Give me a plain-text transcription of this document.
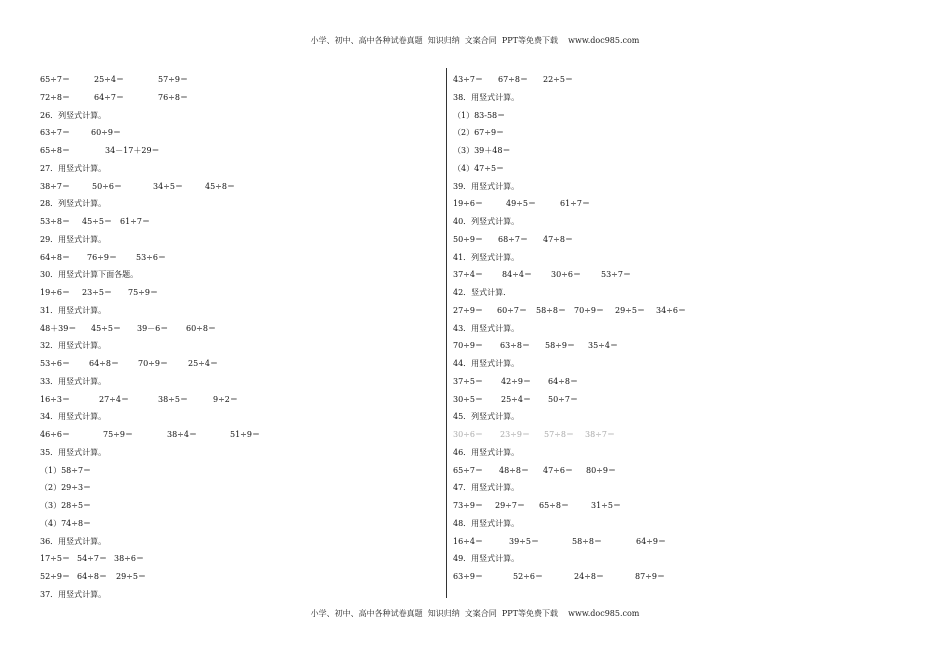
小学、初中、高中各种试卷真题  知识归纳  文案合同  PPT等免费下载    www.doc985.com
65÷7＝	25÷4＝	57÷9＝
72÷8＝	64÷7＝	76÷8＝
26．列竖式计算。
63÷7＝	60÷9＝
65÷8＝	34－17＋29＝
27．用竖式计算。
38÷7＝	50÷6＝	34÷5＝	45÷8＝
28．列竖式计算。
53÷8＝ 45÷5＝ 61÷7＝
29．用竖式计算。
64÷8＝ 76÷9＝ 53÷6＝
30．用竖式计算下面各题。
19÷6＝ 23÷5＝ 75÷9＝
31．用竖式计算。
48＋39＝ 45÷5＝ 39－6＝ 60÷8＝
32．用竖式计算。
53÷6＝ 64÷8＝ 70÷9＝	25÷4＝
33．用竖式计算。
16÷3＝	27÷4＝	38÷5＝	9÷2＝
34．用竖式计算。
46÷6＝	75÷9＝	38÷4＝	51÷9＝
35．用竖式计算。
（1）58÷7＝
（2）29÷3＝
（3）28÷5＝
（4）74÷8＝
36．用竖式计算。
17÷5＝ 54÷7＝ 38÷6＝
52÷9＝ 64÷8＝ 29÷5＝
37．用竖式计算。
43÷7＝ 67÷8＝ 22÷5＝
38．用竖式计算。
（1）83-58＝
（2）67÷9＝
（3）39＋48＝
（4）47÷5＝
39．用竖式计算。
19÷6＝	49÷5＝	61÷7＝
40．列竖式计算。
50÷9＝ 68÷7＝ 47÷8＝
41．列竖式计算。
37÷4＝ 84÷4＝ 30÷6＝	53÷7＝
42．竖式计算．
27÷9＝ 60÷7＝ 58÷8＝ 70÷9＝ 29÷5＝ 34÷6＝
43．用竖式计算。
70÷9＝ 63÷8＝ 58÷9＝ 35÷4＝
44．用竖式计算。
37÷5＝ 42÷9＝ 64÷8＝
30÷5＝ 25÷4＝ 50÷7＝
45．列竖式计算。
30÷6＝ 23÷9＝ 57÷8＝ 38÷7＝
46．用竖式计算。
65÷7＝ 48÷8＝ 47÷6＝ 80÷9＝
47．用竖式计算。
73÷9＝ 29÷7＝ 65÷8＝	31÷5＝
48．用竖式计算。
16÷4＝	39÷5＝	58÷8＝	64÷9＝
49．用竖式计算。
63÷9＝	52÷6＝	24÷8＝	87÷9＝
小学、初中、高中各种试卷真题  知识归纳  文案合同  PPT等免费下载    www.doc985.com
